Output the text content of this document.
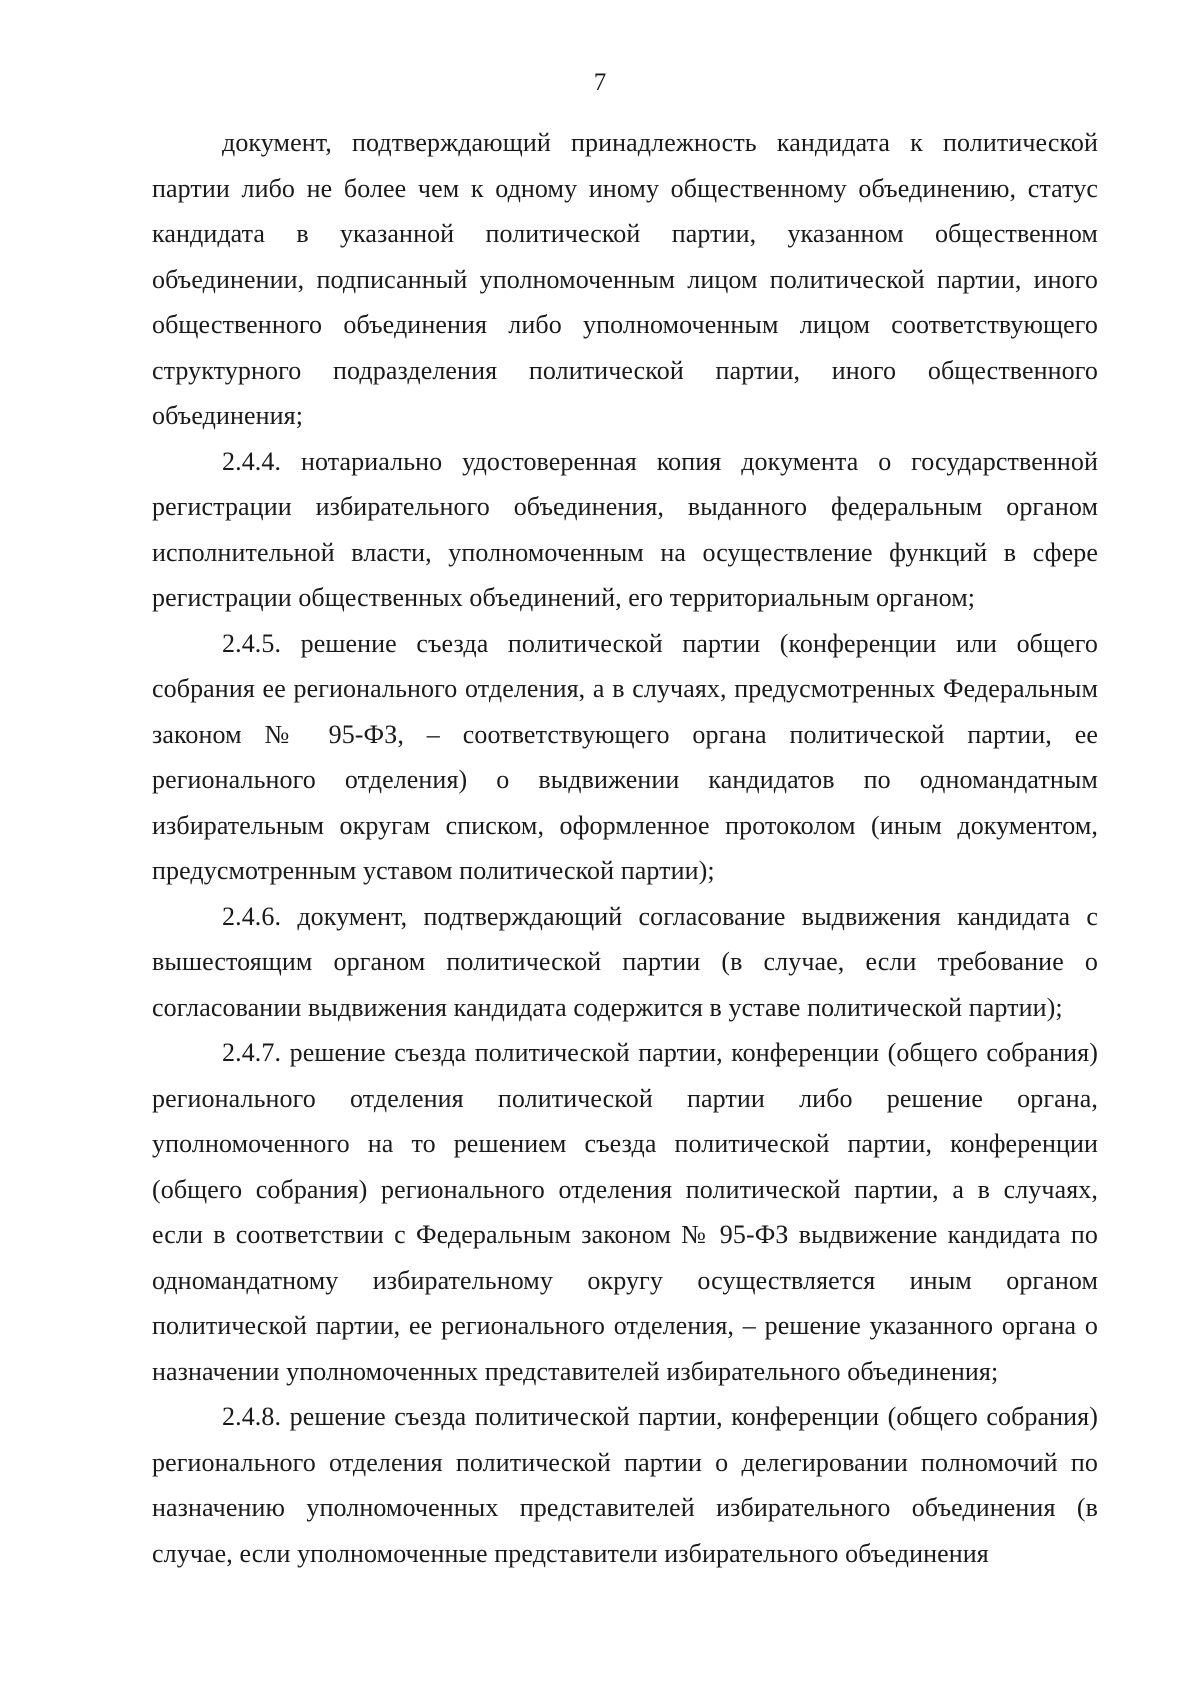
7

документ, подтверждающий принадлежность кандидата к политической партии либо не более чем к одному иному общественному объединению, статус кандидата в указанной политической партии, указанном общественном объединении, подписанный уполномоченным лицом политической партии, иного общественного объединения либо уполномоченным лицом соответствующего структурного подразделения политической партии, иного общественного объединения;

2.4.4. нотариально удостоверенная копия документа о государственной регистрации избирательного объединения, выданного федеральным органом исполнительной власти, уполномоченным на осуществление функций в сфере регистрации общественных объединений, его территориальным органом;

2.4.5. решение съезда политической партии (конференции или общего собрания ее регионального отделения, а в случаях, предусмотренных Федеральным законом № 95-ФЗ, – соответствующего органа политической партии, ее регионального отделения) о выдвижении кандидатов по одномандатным избирательным округам списком, оформленное протоколом (иным документом, предусмотренным уставом политической партии);

2.4.6. документ, подтверждающий согласование выдвижения кандидата с вышестоящим органом политической партии (в случае, если требование о согласовании выдвижения кандидата содержится в уставе политической партии);

2.4.7. решение съезда политической партии, конференции (общего собрания) регионального отделения политической партии либо решение органа, уполномоченного на то решением съезда политической партии, конференции (общего собрания) регионального отделения политической партии, а в случаях, если в соответствии с Федеральным законом № 95-ФЗ выдвижение кандидата по одномандатному избирательному округу осуществляется иным органом политической партии, ее регионального отделения, – решение указанного органа о назначении уполномоченных представителей избирательного объединения;

2.4.8. решение съезда политической партии, конференции (общего собрания) регионального отделения политической партии о делегировании полномочий по назначению уполномоченных представителей избирательного объединения (в случае, если уполномоченные представители избирательного объединения
